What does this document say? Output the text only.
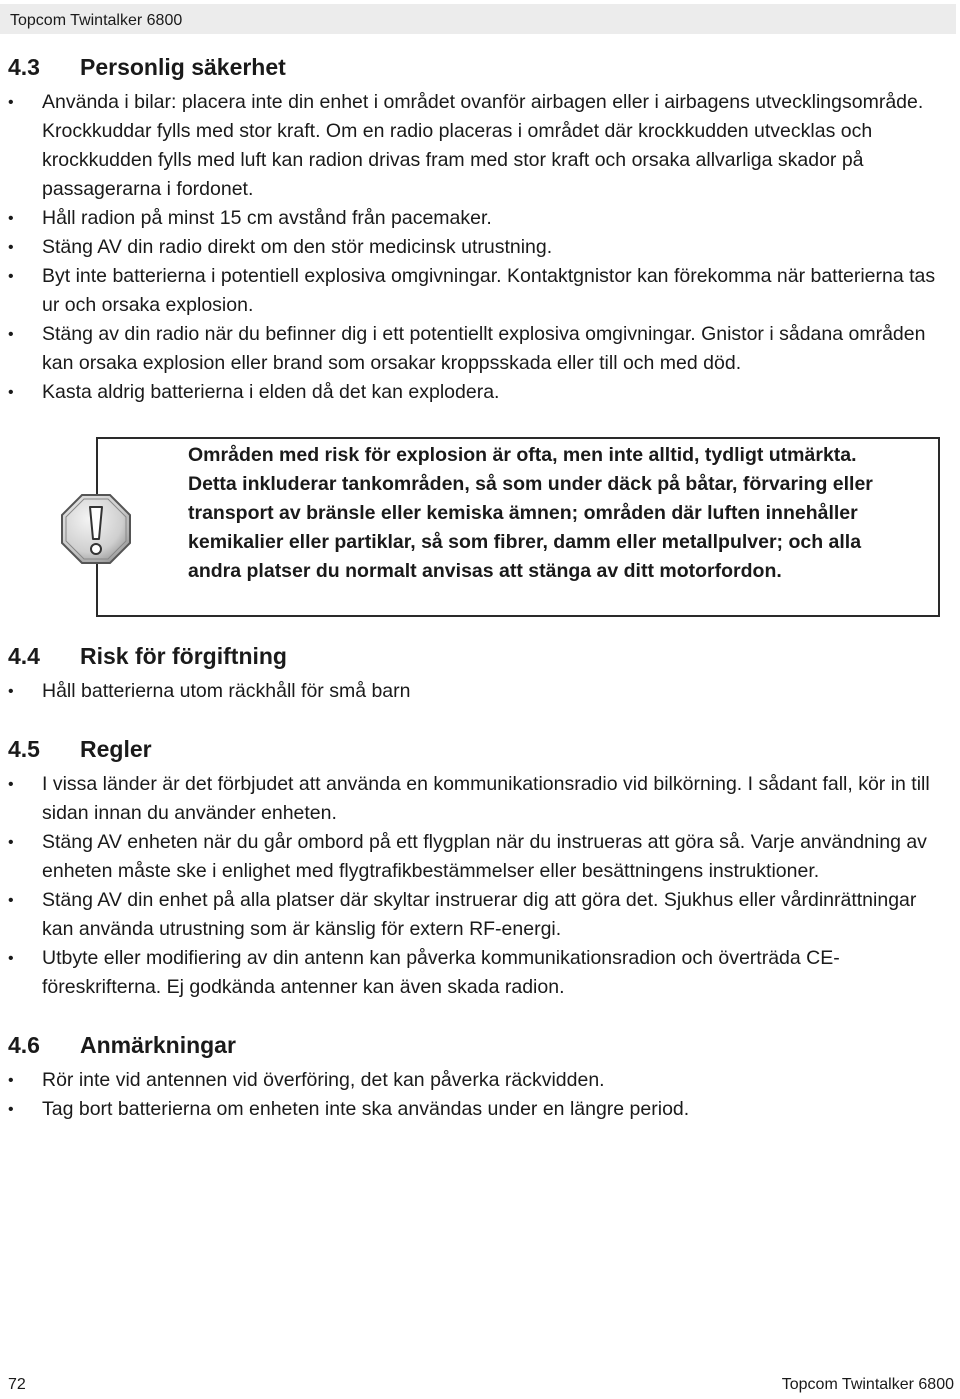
Topcom Twintalker 6800
4.3	Personlig säkerhet
• Använda i bilar: placera inte din enhet i området ovanför airbagen eller i airbagens utvecklingsområde. Krockkuddar fylls med stor kraft. Om en radio placeras i området där krockkudden utvecklas och krockkudden fylls med luft kan radion drivas fram med stor kraft och orsaka allvarliga skador på passagerarna i fordonet.
• Håll radion på minst 15 cm avstånd från pacemaker.
• Stäng AV din radio direkt om den stör medicinsk utrustning.
• Byt inte batterierna i potentiell explosiva omgivningar. Kontaktgnistor kan förekomma när batterierna tas ur och orsaka explosion.
• Stäng av din radio när du befinner dig i ett potentiellt explosiva omgivningar. Gnistor i sådana områden kan orsaka explosion eller brand som orsakar kroppsskada eller till och med död.
• Kasta aldrig batterierna i elden då det kan explodera.
Områden med risk för explosion är ofta, men inte alltid, tydligt utmärkta. Detta inkluderar tankområden, så som under däck på båtar, förvaring eller transport av bränsle eller kemiska ämnen; områden där luften innehåller kemikalier eller partiklar, så som fibrer, damm eller metallpulver; och alla andra platser du normalt anvisas att stänga av ditt motorfordon.
4.4	Risk för förgiftning
• Håll batterierna utom räckhåll för små barn
4.5	Regler
• I vissa länder är det förbjudet att använda en kommunikationsradio vid bilkörning. I sådant fall, kör in till sidan innan du använder enheten.
• Stäng AV enheten när du går ombord på ett flygplan när du instrueras att göra så. Varje användning av enheten måste ske i enlighet med flygtrafikbestämmelser eller besättningens instruktioner.
• Stäng AV din enhet på alla platser där skyltar instruerar dig att göra det. Sjukhus eller vårdinrättningar kan använda utrustning som är känslig för extern RF-energi.
• Utbyte eller modifiering av din antenn kan påverka kommunikationsradion och överträda CE-föreskrifterna. Ej godkända antenner kan även skada radion.
4.6	Anmärkningar
• Rör inte vid antennen vid överföring, det kan påverka räckvidden.
• Tag bort batterierna om enheten inte ska användas under en längre period.
72	Topcom Twintalker 6800
